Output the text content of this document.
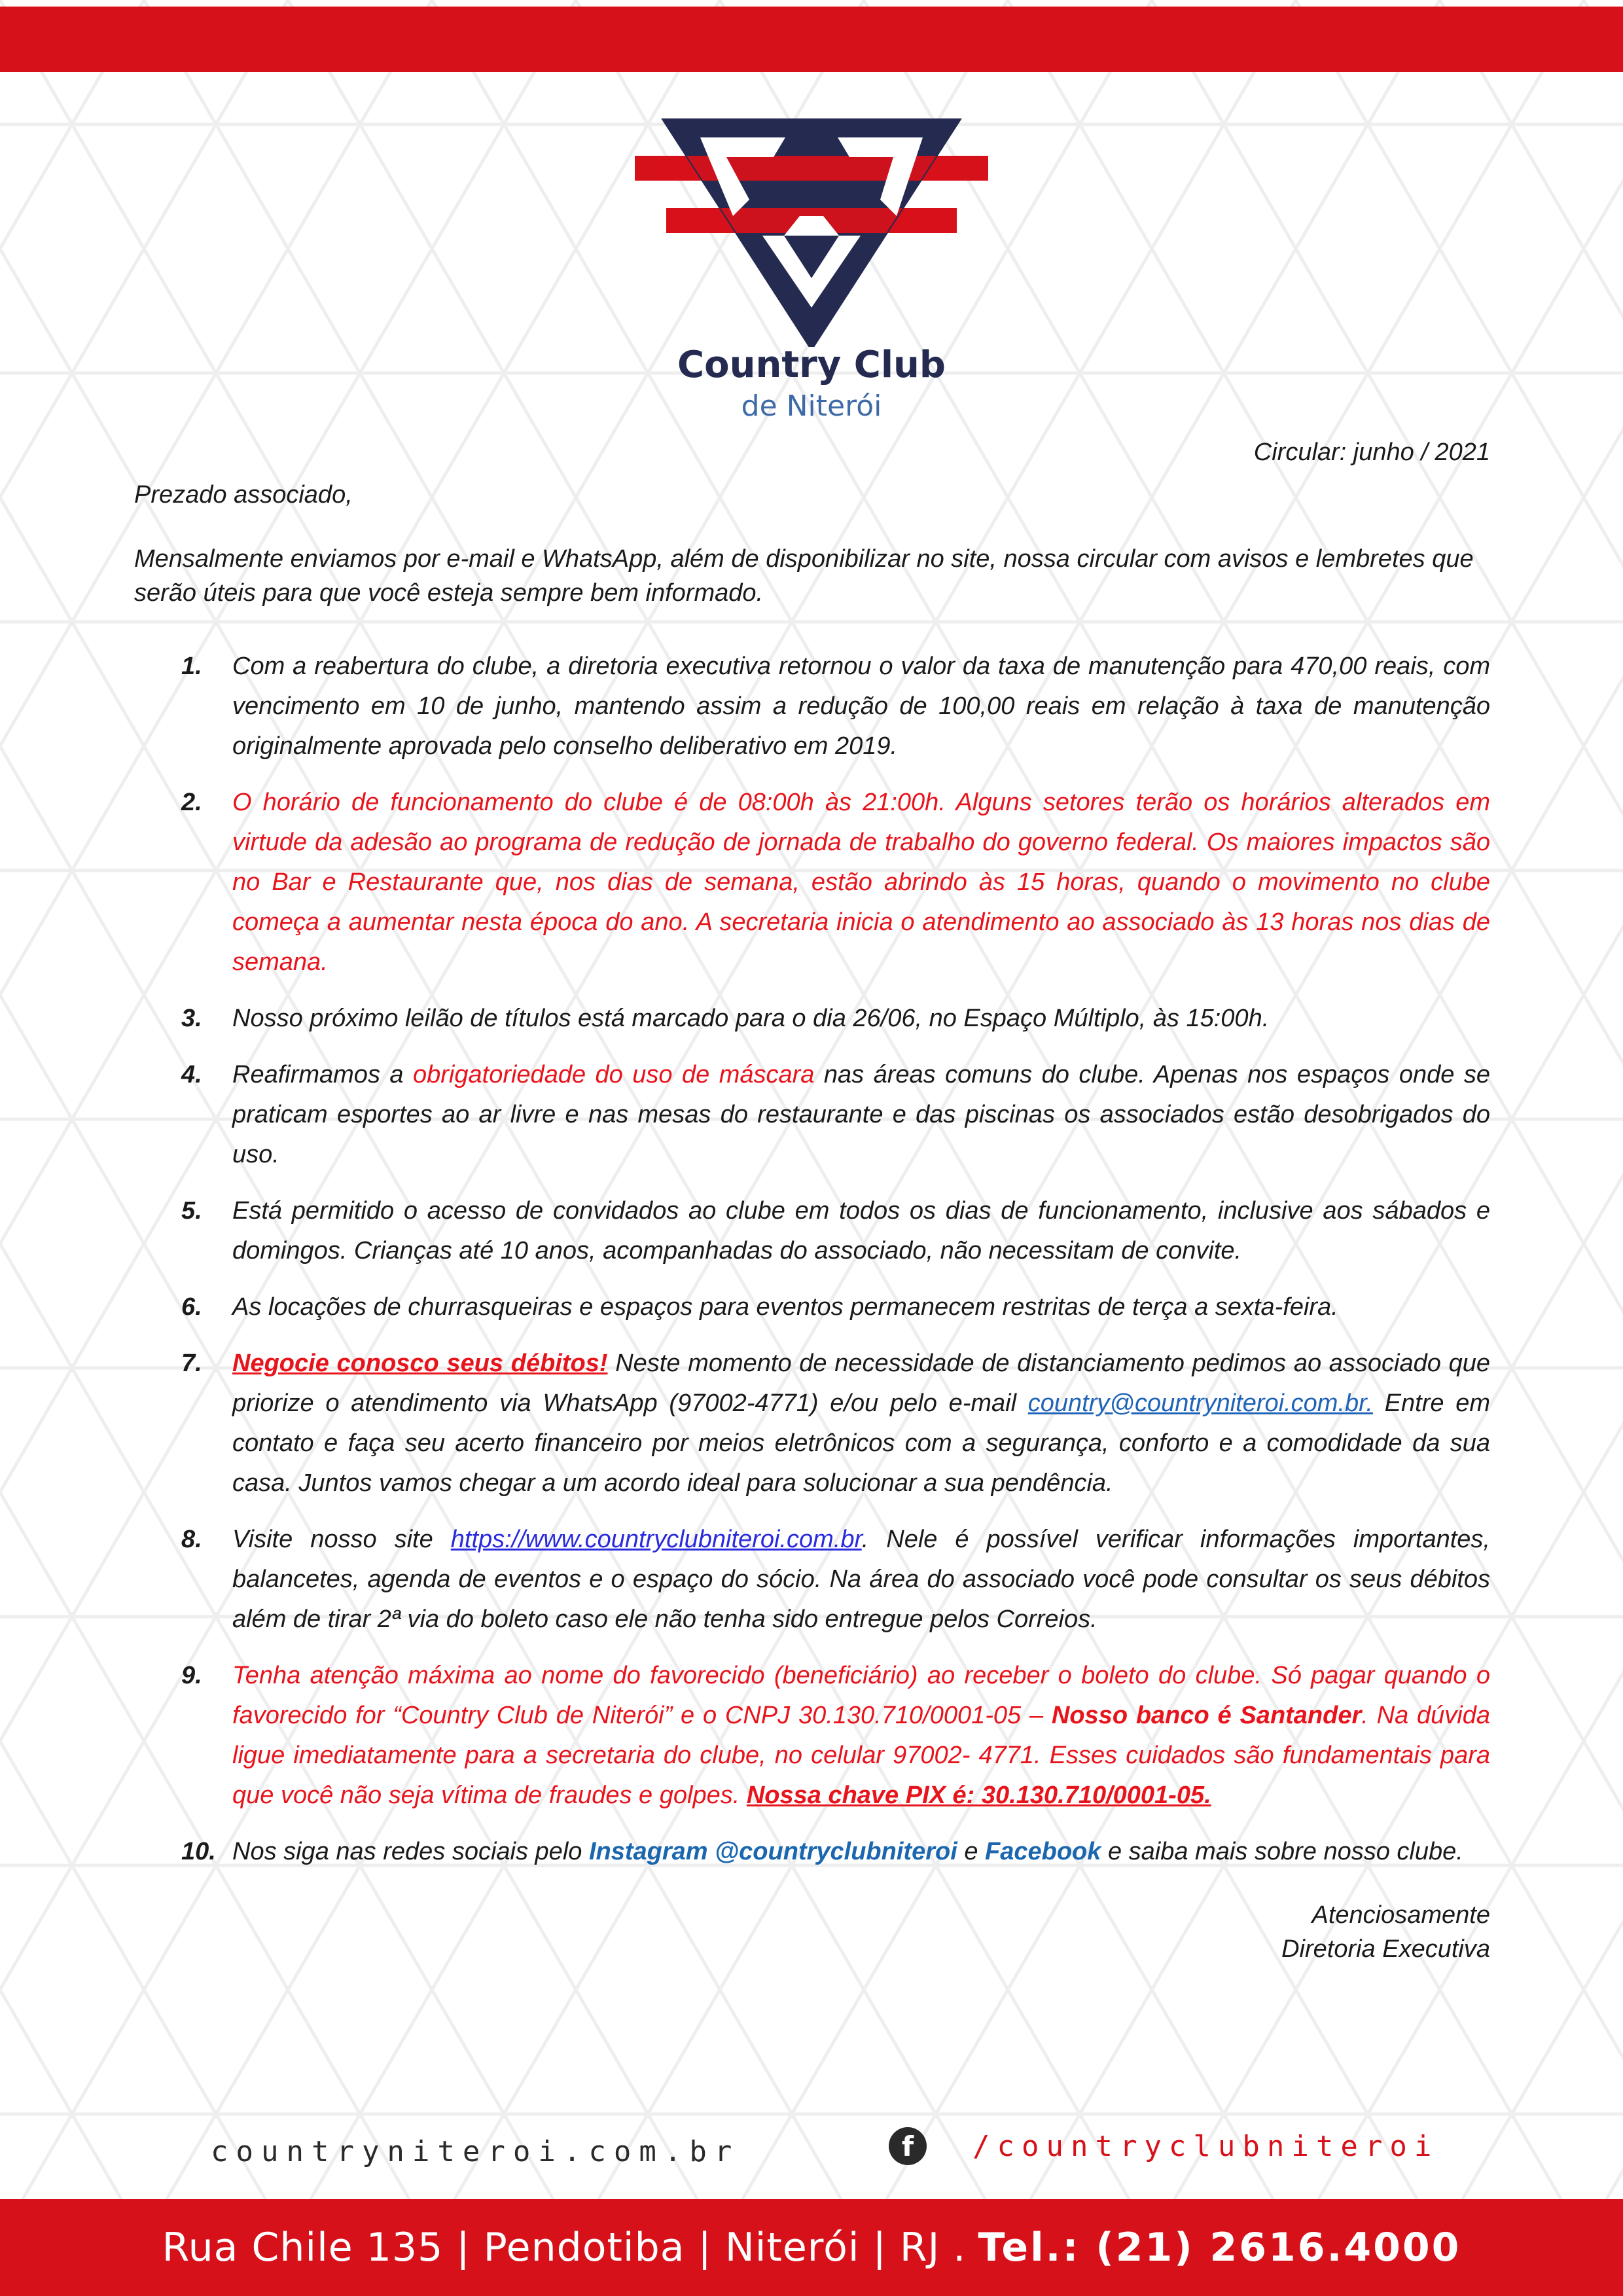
Country Club
de Niterói
Circular: junho / 2021
Prezado associado,
Mensalmente enviamos por e-mail e WhatsApp, além de disponibilizar no site, nossa circular com avisos e lembretes que serão úteis para que você esteja sempre bem informado.
1. Com a reabertura do clube, a diretoria executiva retornou o valor da taxa de manutenção para 470,00 reais, com vencimento em 10 de junho, mantendo assim a redução de 100,00 reais em relação à taxa de manutenção originalmente aprovada pelo conselho deliberativo em 2019.
2. O horário de funcionamento do clube é de 08:00h às 21:00h. Alguns setores terão os horários alterados em virtude da adesão ao programa de redução de jornada de trabalho do governo federal. Os maiores impactos são no Bar e Restaurante que, nos dias de semana, estão abrindo às 15 horas, quando o movimento no clube começa a aumentar nesta época do ano. A secretaria inicia o atendimento ao associado às 13 horas nos dias de semana.
3. Nosso próximo leilão de títulos está marcado para o dia 26/06, no Espaço Múltiplo, às 15:00h.
4. Reafirmamos a obrigatoriedade do uso de máscara nas áreas comuns do clube. Apenas nos espaços onde se praticam esportes ao ar livre e nas mesas do restaurante e das piscinas os associados estão desobrigados do uso.
5. Está permitido o acesso de convidados ao clube em todos os dias de funcionamento, inclusive aos sábados e domingos. Crianças até 10 anos, acompanhadas do associado, não necessitam de convite.
6. As locações de churrasqueiras e espaços para eventos permanecem restritas de terça a sexta-feira.
7. Negocie conosco seus débitos! Neste momento de necessidade de distanciamento pedimos ao associado que priorize o atendimento via WhatsApp (97002-4771) e/ou pelo e-mail country@countryniteroi.com.br. Entre em contato e faça seu acerto financeiro por meios eletrônicos com a segurança, conforto e a comodidade da sua casa. Juntos vamos chegar a um acordo ideal para solucionar a sua pendência.
8. Visite nosso site https://www.countryclubniteroi.com.br. Nele é possível verificar informações importantes, balancetes, agenda de eventos e o espaço do sócio. Na área do associado você pode consultar os seus débitos além de tirar 2ª via do boleto caso ele não tenha sido entregue pelos Correios.
9. Tenha atenção máxima ao nome do favorecido (beneficiário) ao receber o boleto do clube. Só pagar quando o favorecido for “Country Club de Niterói” e o CNPJ 30.130.710/0001-05 – Nosso banco é Santander. Na dúvida ligue imediatamente para a secretaria do clube, no celular 97002- 4771. Esses cuidados são fundamentais para que você não seja vítima de fraudes e golpes. Nossa chave PIX é: 30.130.710/0001-05.
10. Nos siga nas redes sociais pelo Instagram @countryclubniteroi e Facebook e saiba mais sobre nosso clube.
Atenciosamente
Diretoria Executiva
countryniteroi.com.br	f	/countryclubniteroi
Rua Chile 135 | Pendotiba | Niterói | RJ . Tel.: (21) 2616.4000
